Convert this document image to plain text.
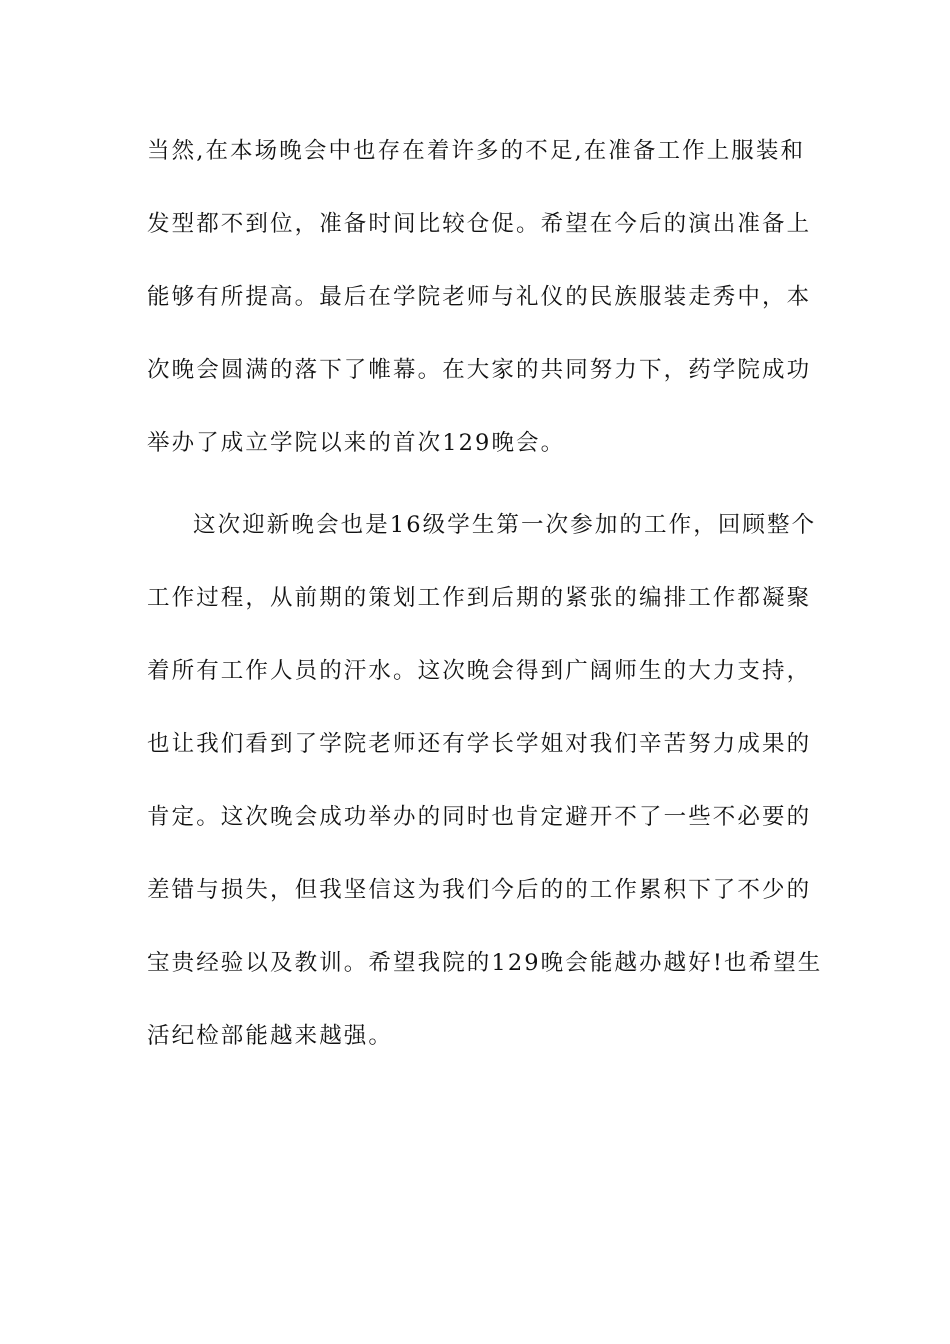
当然,在本场晚会中也存在着许多的不足,在准备工作上服装和

发型都不到位，准备时间比较仓促。希望在今后的演出准备上

能够有所提高。最后在学院老师与礼仪的民族服装走秀中，本

次晚会圆满的落下了帷幕。在大家的共同努力下，药学院成功

举办了成立学院以来的首次129晚会。

这次迎新晚会也是16级学生第一次参加的工作，回顾整个

工作过程，从前期的策划工作到后期的紧张的编排工作都凝聚

着所有工作人员的汗水。这次晚会得到广阔师生的大力支持，

也让我们看到了学院老师还有学长学姐对我们辛苦努力成果的

肯定。这次晚会成功举办的同时也肯定避开不了一些不必要的

差错与损失，但我坚信这为我们今后的的工作累积下了不少的

宝贵经验以及教训。希望我院的129晚会能越办越好!也希望生

活纪检部能越来越强。
